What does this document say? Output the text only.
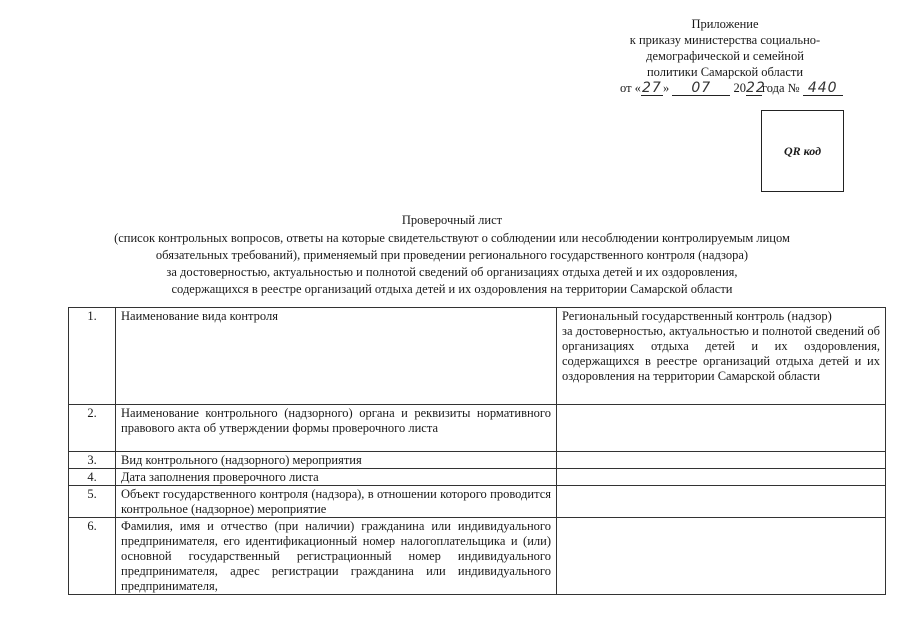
Приложение
к приказу министерства социально-
демографической и семейной
политики Самарской области
от «27» 07 2022года № 440
QR код
Проверочный лист
(список контрольных вопросов, ответы на которые свидетельствуют о соблюдении или несоблюдении контролируемым лицом
обязательных требований), применяемый при проведении регионального государственного контроля (надзора)
за достоверностью, актуальностью и полнотой сведений об организациях отдыха детей и их оздоровления,
содержащихся в реестре организаций отдыха детей и их оздоровления на территории Самарской области
1.	Наименование вида контроля	Региональный государственный контроль (надзор)
за достоверностью, актуальностью и полнотой сведений об организациях отдыха детей и их оздоровления, содержащихся в реестре организаций отдыха детей и их оздоровления на территории Самарской области

2.	Наименование контрольного (надзорного) органа и реквизиты нормативного правового акта об утверждении формы проверочного листа	
3.	Вид контрольного (надзорного) мероприятия	
4.	Дата заполнения проверочного листа	
5.	Объект государственного контроля (надзора), в отношении которого проводится контрольное (надзорное) мероприятие	
6.	Фамилия, имя и отчество (при наличии) гражданина или индивидуального предпринимателя, его идентификационный номер налогоплательщика и (или) основной государственный регистрационный номер индивидуального предпринимателя, адрес регистрации гражданина или индивидуального предпринимателя,	
